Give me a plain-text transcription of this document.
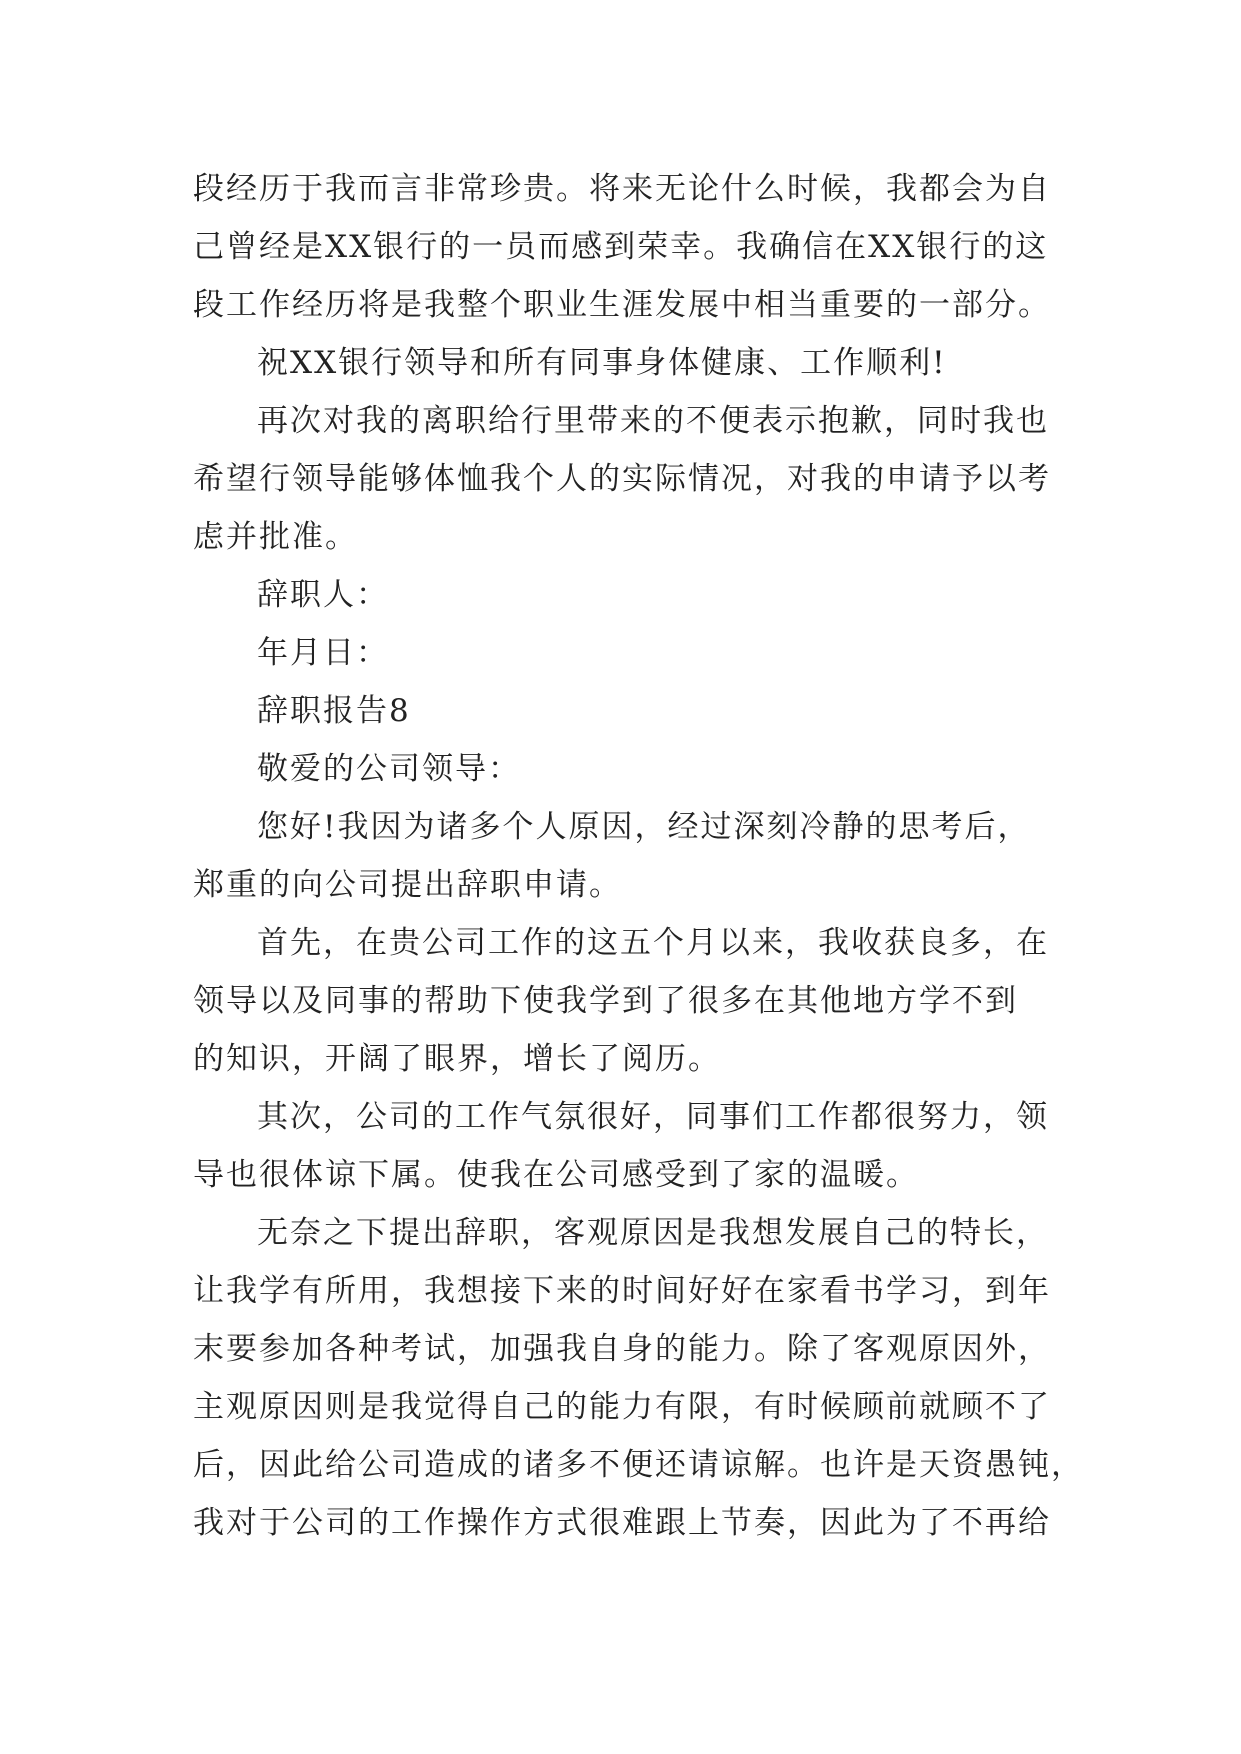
段经历于我而言非常珍贵。将来无论什么时候，我都会为自
己曾经是XX银行的一员而感到荣幸。我确信在XX银行的这
段工作经历将是我整个职业生涯发展中相当重要的一部分。
祝XX银行领导和所有同事身体健康、工作顺利!
再次对我的离职给行里带来的不便表示抱歉，同时我也
希望行领导能够体恤我个人的实际情况，对我的申请予以考
虑并批准。
辞职人：
年月日：
辞职报告8
敬爱的公司领导：
您好!我因为诸多个人原因，经过深刻冷静的思考后，
郑重的向公司提出辞职申请。
首先，在贵公司工作的这五个月以来，我收获良多，在
领导以及同事的帮助下使我学到了很多在其他地方学不到
的知识，开阔了眼界，增长了阅历。
其次，公司的工作气氛很好，同事们工作都很努力，领
导也很体谅下属。使我在公司感受到了家的温暖。
无奈之下提出辞职，客观原因是我想发展自己的特长，
让我学有所用，我想接下来的时间好好在家看书学习，到年
末要参加各种考试，加强我自身的能力。除了客观原因外，
主观原因则是我觉得自己的能力有限，有时候顾前就顾不了
后，因此给公司造成的诸多不便还请谅解。也许是天资愚钝，
我对于公司的工作操作方式很难跟上节奏，因此为了不再给
